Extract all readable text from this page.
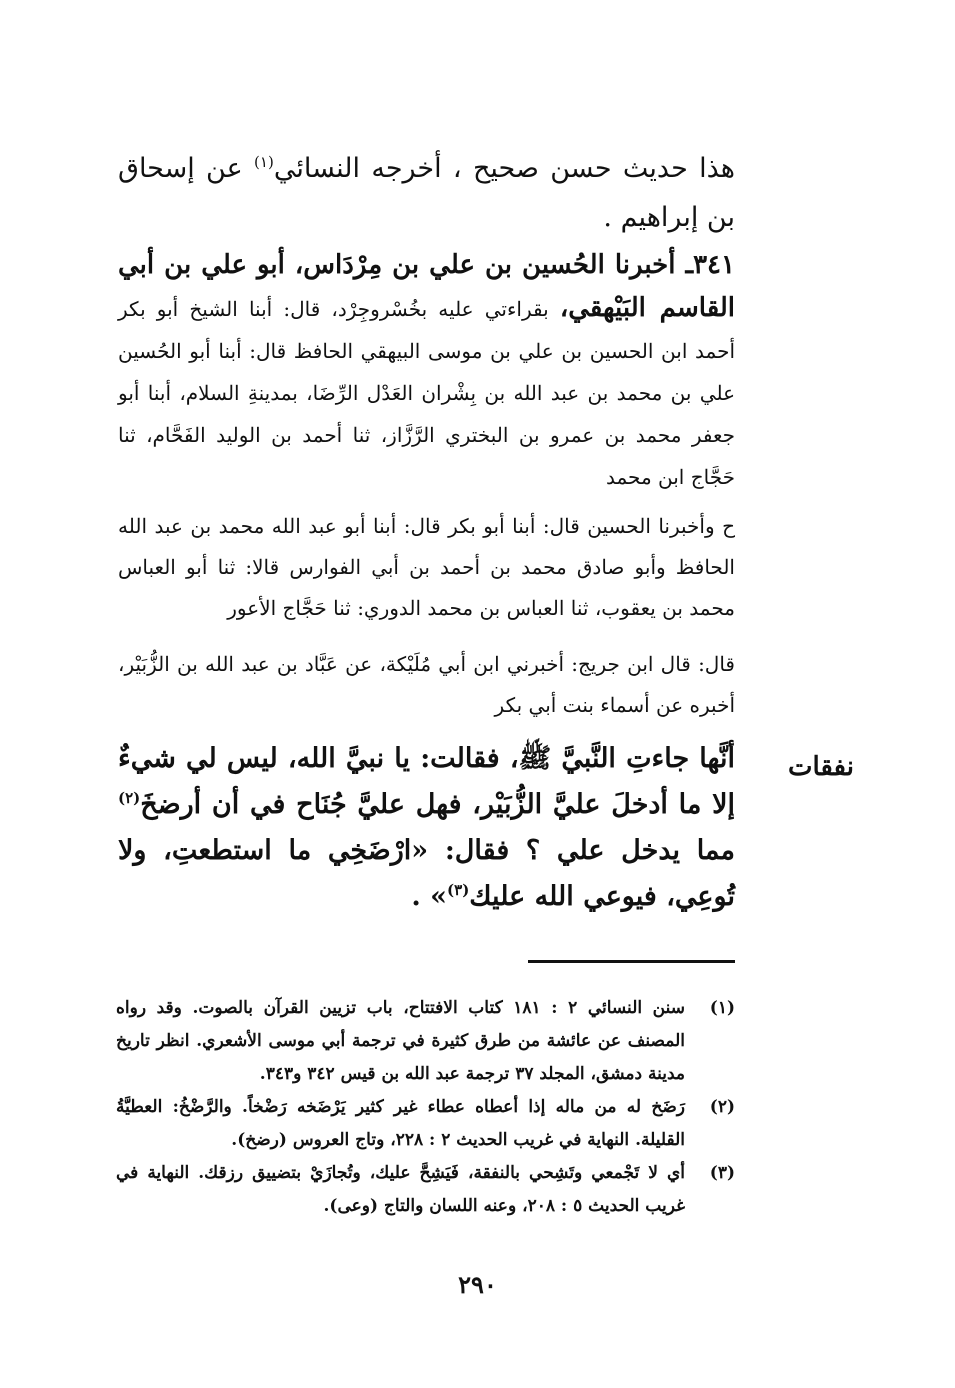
هذا حديث حسن صحيح ، أخرجه النسائي$^{(١)}$ عن إسحاق بن إبراهيم .

٣٤١ـ أخبرنا الحُسين بن علي بن مِرْدَاس، أبو علي بن أبي القاسم البَيْهقي، بقراءتي عليه بخُسْروجِرْد، قال: أبنا الشيخ أبو بكر أحمد ابن الحسين بن علي بن موسى البيهقي الحافظ قال: أبنا أبو الحُسين علي بن محمد بن عبد الله بن بِشْران العَدْل الرِّضَا، بمدينةِ السلام، أبنا أبو جعفر محمد بن عمرو بن البختري الرَّزَّاز، ثنا أحمد بن الوليد الفَحَّام، ثنا حَجَّاج ابن محمد

ح وأخبرنا الحسين قال: أبنا أبو بكر قال: أبنا أبو عبد الله محمد بن عبد الله الحافظ وأبو صادق محمد بن أحمد بن أبي الفوارس قالا: ثنا أبو العباس محمد بن يعقوب، ثنا العباس بن محمد الدوري: ثنا حَجَّاج الأعور

قال: قال ابن جريج: أخبرني ابن أبي مُلَيْكة، عن عَبَّاد بن عبد الله بن الزُّبَيْر، أخبره عن أسماء بنت أبي بكر

أنَّها جاءتِ النَّبيَّ ﷺ، فقالت: يا نبيَّ الله، ليس لي شيءٌ إلا ما أدخلَ عليَّ الزُّبَيْر، فهل عليَّ جُنَاح في أن أرضخَ$^{(٢)}$ مما يدخل علي ؟ فقال: «ارْضَخِي ما استطعتِ، ولا تُوعِي، فيوعي الله عليك$^{(٣)}$» .

نفقات
(١)
سنن النسائي ٢ : ١٨١ كتاب الافتتاح، باب تزيين القرآن بالصوت. وقد رواه المصنف عن عائشة من طرق كثيرة في ترجمة أبي موسى الأشعري. انظر تاريخ مدينة دمشق، المجلد ٣٧ ترجمة عبد الله بن قيس ٣٤٢ و٣٤٣.
(٢)
رَضَخ له من ماله إذا أعطاه عطاء غير كثير يَرْضَخه رَضْخاً. والرَّضْخُ: العطيَّةُ القليلة. النهاية في غريب الحديث ٢ : ٢٢٨، وتاج العروس (رضخ).
(٣)
أي لا تَجْمعي وتَشِحي بالنفقة، فَيَشِحَّ عليك، وتُجازَيْ بتضييق رزقك. النهاية في غريب الحديث ٥ : ٢٠٨، وعنه اللسان والتاج (وعى).
٢٩٠
